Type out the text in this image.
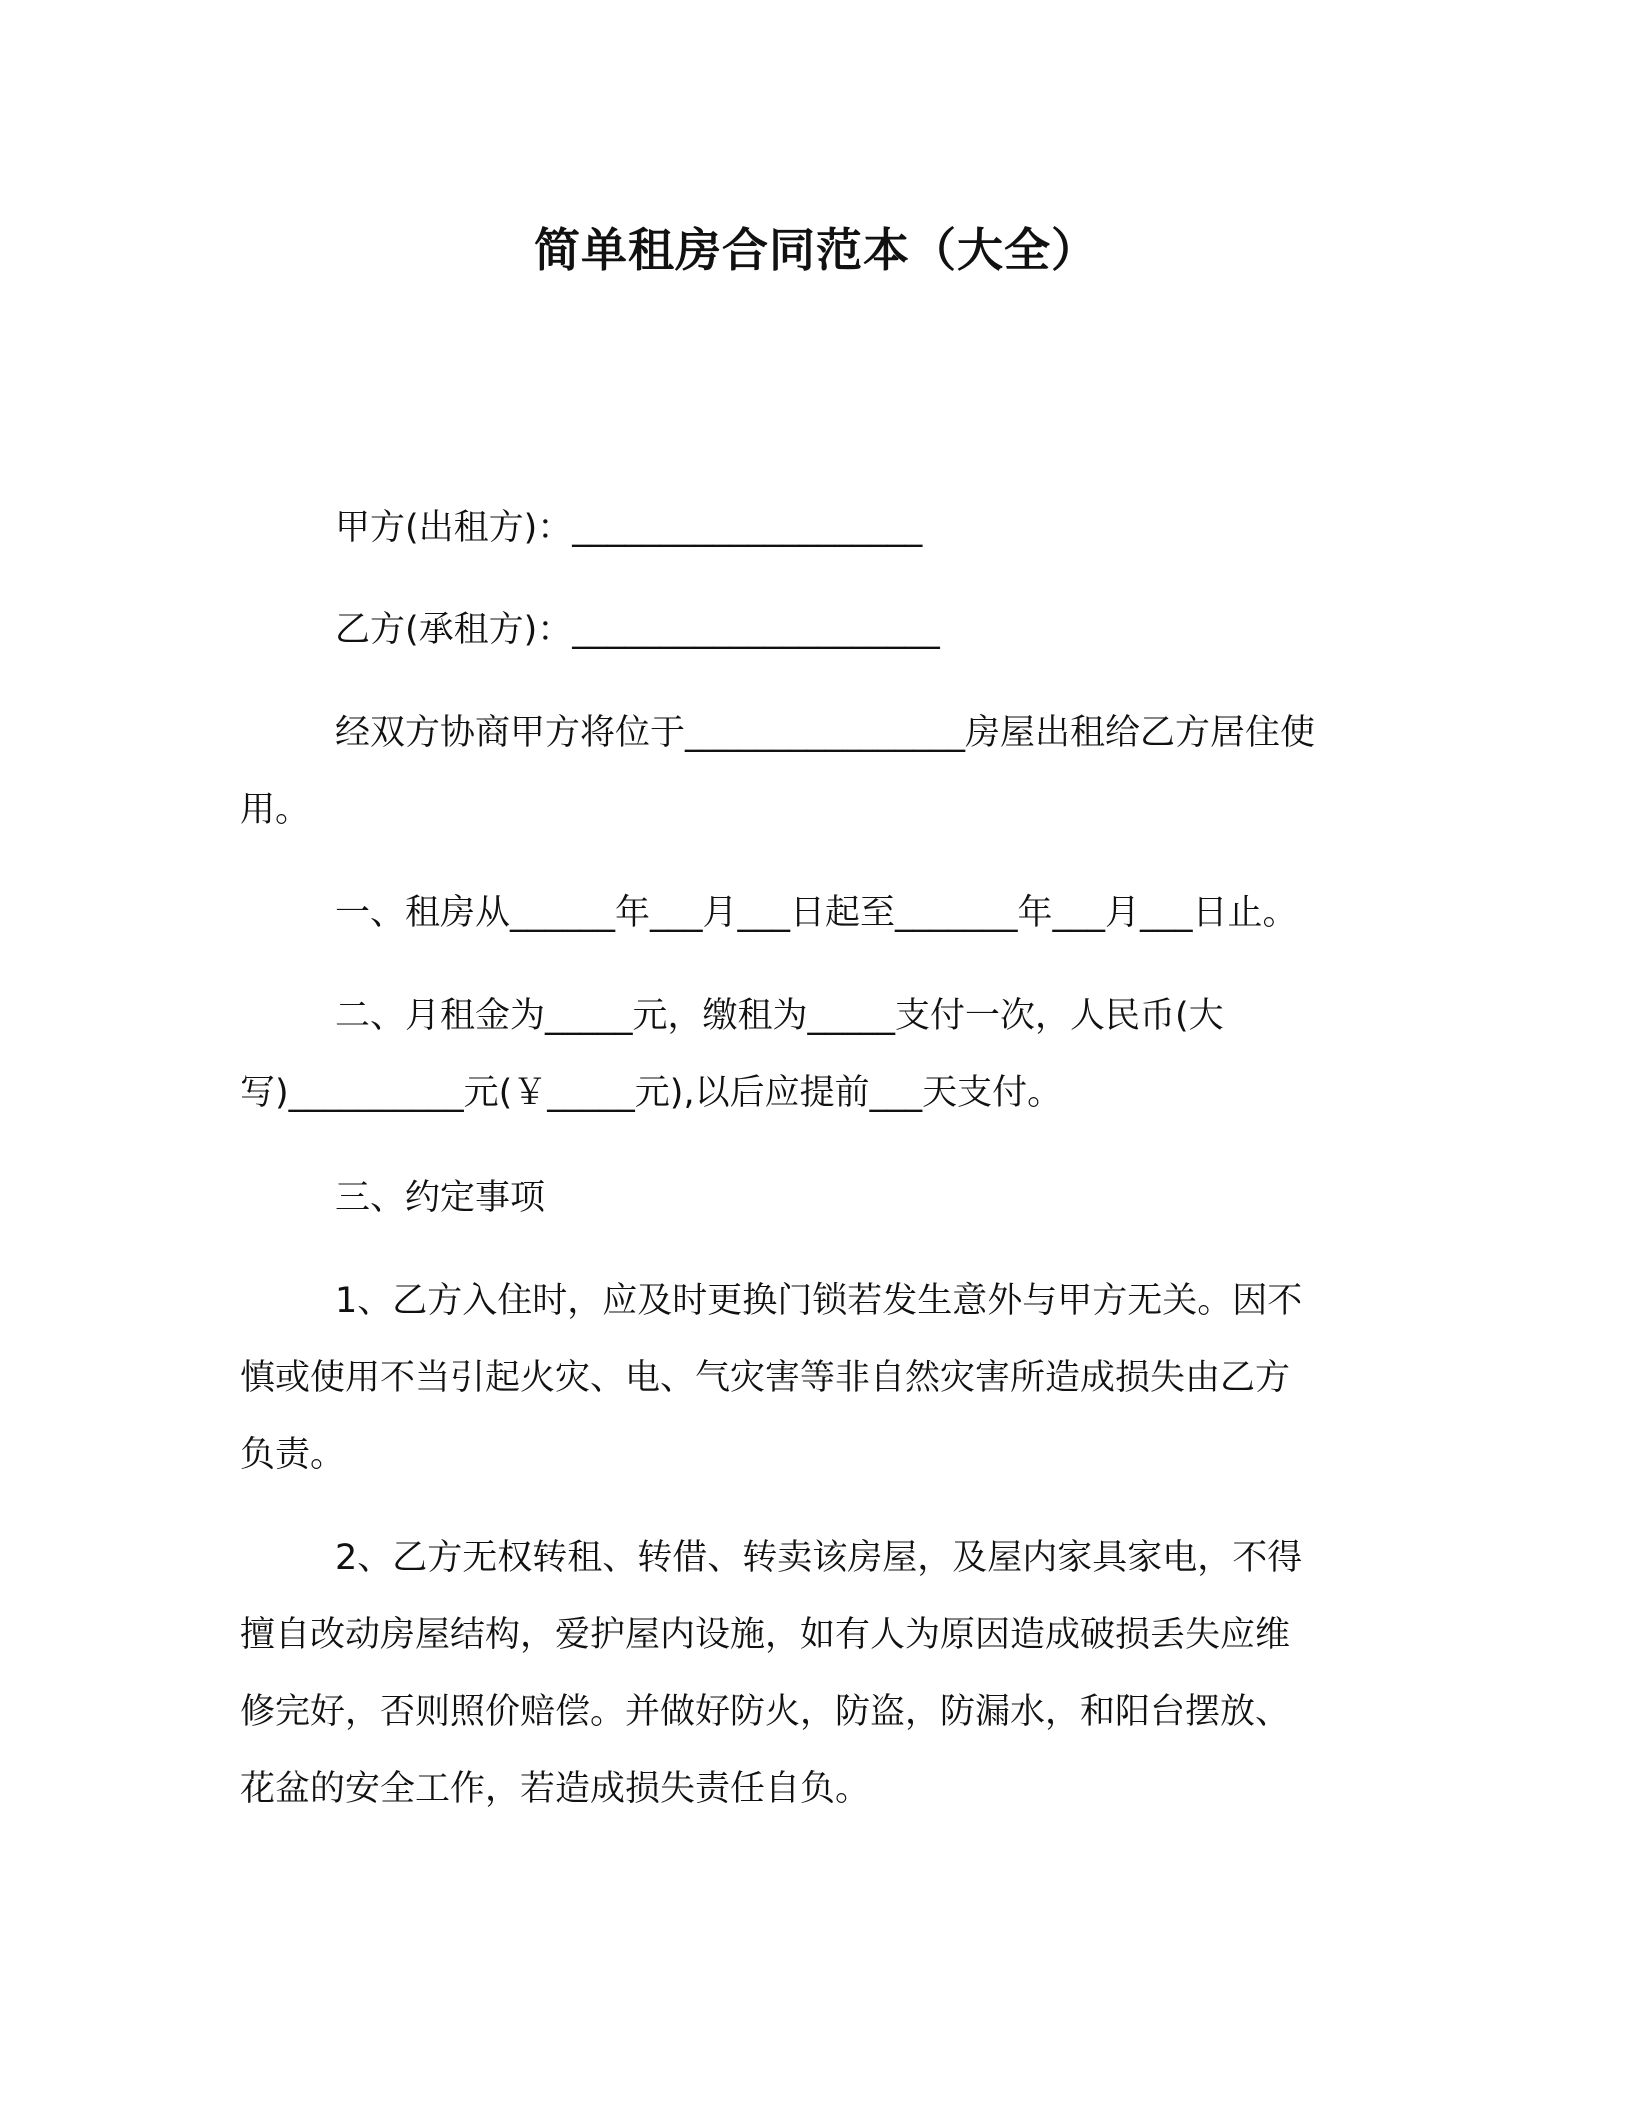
简单租房合同范本（大全）
甲方(出租方)：____________________
乙方(承租方)：_____________________
经双方协商甲方将位于________________房屋出租给乙方居住使
用。
一、租房从______年___月___日起至_______年___月___日止。
二、月租金为_____元，缴租为_____支付一次，人民币(大
写)__________元(￥_____元),以后应提前___天支付。
三、约定事项
1、乙方入住时，应及时更换门锁若发生意外与甲方无关。因不
慎或使用不当引起火灾、电、气灾害等非自然灾害所造成损失由乙方
负责。
2、乙方无权转租、转借、转卖该房屋，及屋内家具家电，不得
擅自改动房屋结构，爱护屋内设施，如有人为原因造成破损丢失应维
修完好，否则照价赔偿。并做好防火，防盗，防漏水，和阳台摆放、
花盆的安全工作，若造成损失责任自负。
